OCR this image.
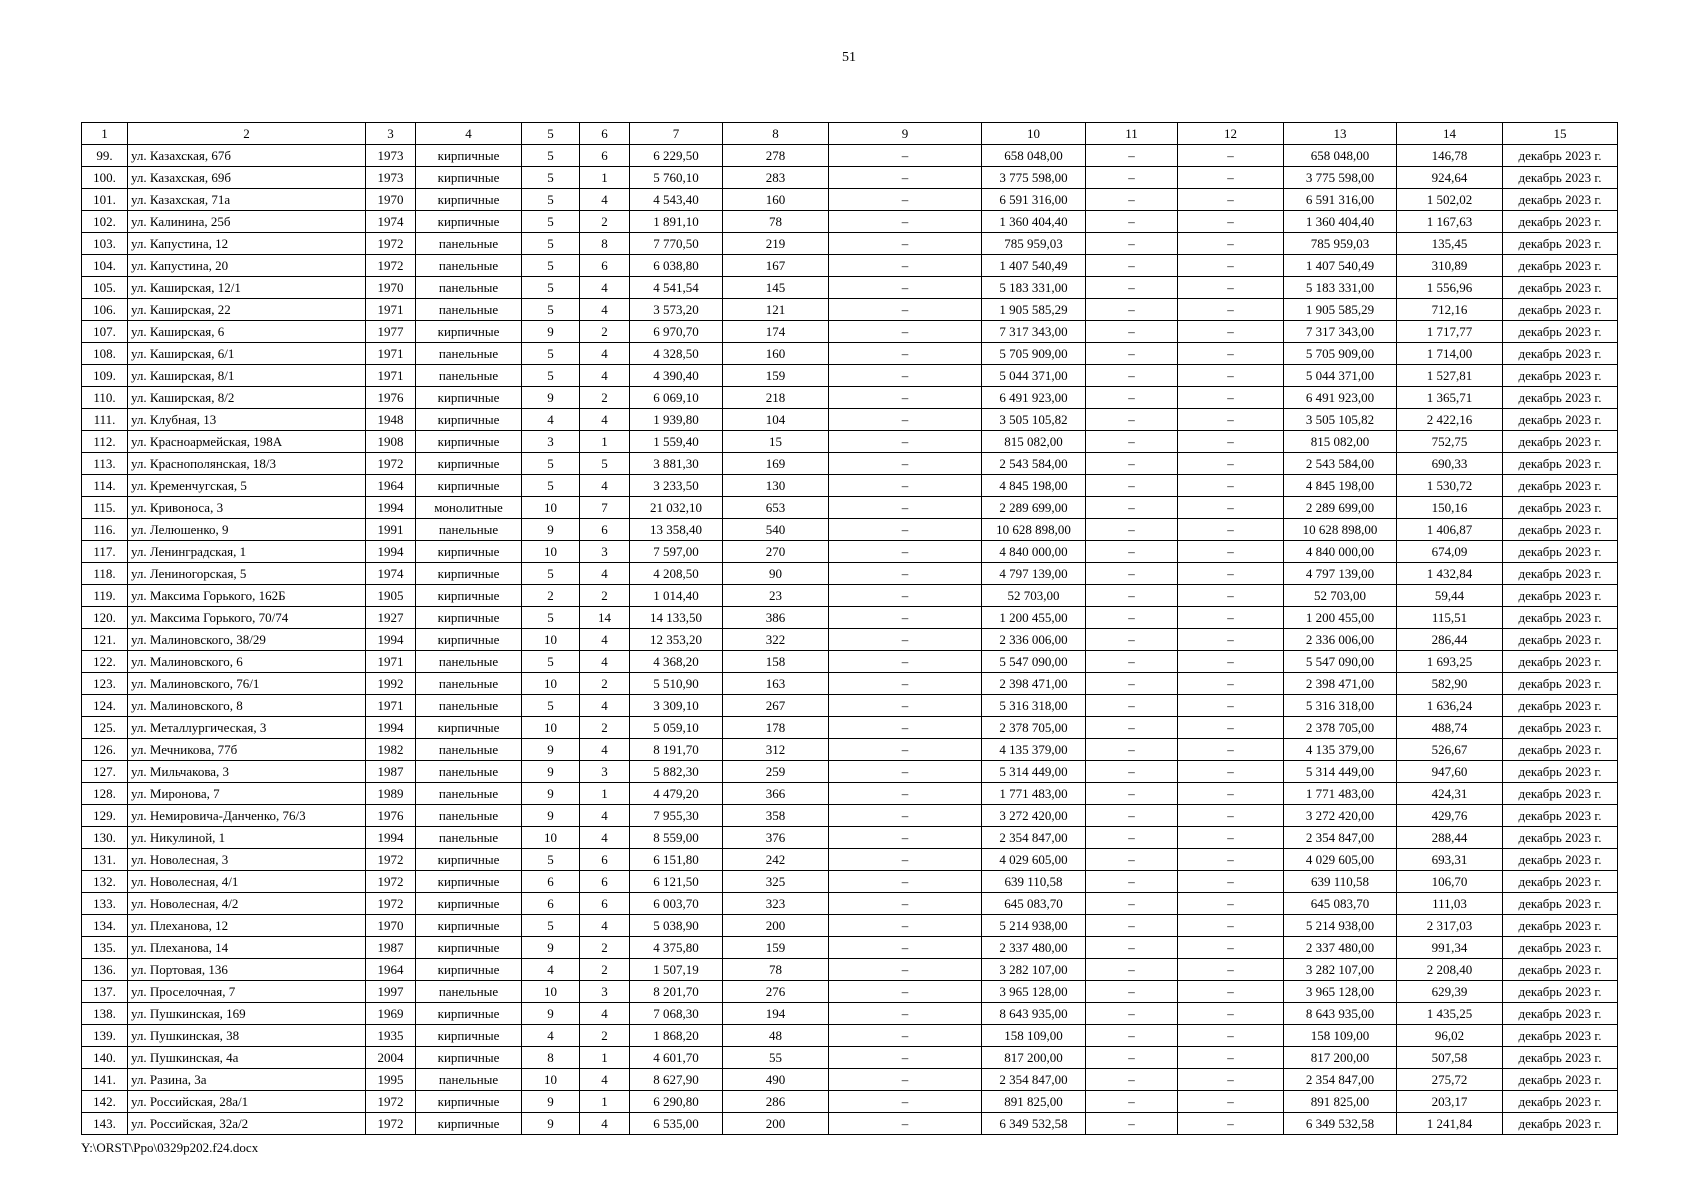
51
1	2	3	4	5	6	7	8	9	10	11	12	13	14	15
99.	ул. Казахская, 67б	1973	кирпичные	5	6	6 229,50	278	–	658 048,00	–	–	658 048,00	146,78	декабрь 2023 г.
100.	ул. Казахская, 69б	1973	кирпичные	5	1	5 760,10	283	–	3 775 598,00	–	–	3 775 598,00	924,64	декабрь 2023 г.
101.	ул. Казахская, 71а	1970	кирпичные	5	4	4 543,40	160	–	6 591 316,00	–	–	6 591 316,00	1 502,02	декабрь 2023 г.
102.	ул. Калинина, 25б	1974	кирпичные	5	2	1 891,10	78	–	1 360 404,40	–	–	1 360 404,40	1 167,63	декабрь 2023 г.
103.	ул. Капустина, 12	1972	панельные	5	8	7 770,50	219	–	785 959,03	–	–	785 959,03	135,45	декабрь 2023 г.
104.	ул. Капустина, 20	1972	панельные	5	6	6 038,80	167	–	1 407 540,49	–	–	1 407 540,49	310,89	декабрь 2023 г.
105.	ул. Каширская, 12/1	1970	панельные	5	4	4 541,54	145	–	5 183 331,00	–	–	5 183 331,00	1 556,96	декабрь 2023 г.
106.	ул. Каширская, 22	1971	панельные	5	4	3 573,20	121	–	1 905 585,29	–	–	1 905 585,29	712,16	декабрь 2023 г.
107.	ул. Каширская, 6	1977	кирпичные	9	2	6 970,70	174	–	7 317 343,00	–	–	7 317 343,00	1 717,77	декабрь 2023 г.
108.	ул. Каширская, 6/1	1971	панельные	5	4	4 328,50	160	–	5 705 909,00	–	–	5 705 909,00	1 714,00	декабрь 2023 г.
109.	ул. Каширская, 8/1	1971	панельные	5	4	4 390,40	159	–	5 044 371,00	–	–	5 044 371,00	1 527,81	декабрь 2023 г.
110.	ул. Каширская, 8/2	1976	кирпичные	9	2	6 069,10	218	–	6 491 923,00	–	–	6 491 923,00	1 365,71	декабрь 2023 г.
111.	ул. Клубная, 13	1948	кирпичные	4	4	1 939,80	104	–	3 505 105,82	–	–	3 505 105,82	2 422,16	декабрь 2023 г.
112.	ул. Красноармейская, 198А	1908	кирпичные	3	1	1 559,40	15	–	815 082,00	–	–	815 082,00	752,75	декабрь 2023 г.
113.	ул. Краснополянская, 18/3	1972	кирпичные	5	5	3 881,30	169	–	2 543 584,00	–	–	2 543 584,00	690,33	декабрь 2023 г.
114.	ул. Кременчугская, 5	1964	кирпичные	5	4	3 233,50	130	–	4 845 198,00	–	–	4 845 198,00	1 530,72	декабрь 2023 г.
115.	ул. Кривоноса, 3	1994	монолитные	10	7	21 032,10	653	–	2 289 699,00	–	–	2 289 699,00	150,16	декабрь 2023 г.
116.	ул. Лелюшенко, 9	1991	панельные	9	6	13 358,40	540	–	10 628 898,00	–	–	10 628 898,00	1 406,87	декабрь 2023 г.
117.	ул. Ленинградская, 1	1994	кирпичные	10	3	7 597,00	270	–	4 840 000,00	–	–	4 840 000,00	674,09	декабрь 2023 г.
118.	ул. Лениногорская, 5	1974	кирпичные	5	4	4 208,50	90	–	4 797 139,00	–	–	4 797 139,00	1 432,84	декабрь 2023 г.
119.	ул. Максима Горького, 162Б	1905	кирпичные	2	2	1 014,40	23	–	52 703,00	–	–	52 703,00	59,44	декабрь 2023 г.
120.	ул. Максима Горького, 70/74	1927	кирпичные	5	14	14 133,50	386	–	1 200 455,00	–	–	1 200 455,00	115,51	декабрь 2023 г.
121.	ул. Малиновского, 38/29	1994	кирпичные	10	4	12 353,20	322	–	2 336 006,00	–	–	2 336 006,00	286,44	декабрь 2023 г.
122.	ул. Малиновского, 6	1971	панельные	5	4	4 368,20	158	–	5 547 090,00	–	–	5 547 090,00	1 693,25	декабрь 2023 г.
123.	ул. Малиновского, 76/1	1992	панельные	10	2	5 510,90	163	–	2 398 471,00	–	–	2 398 471,00	582,90	декабрь 2023 г.
124.	ул. Малиновского, 8	1971	панельные	5	4	3 309,10	267	–	5 316 318,00	–	–	5 316 318,00	1 636,24	декабрь 2023 г.
125.	ул. Металлургическая, 3	1994	кирпичные	10	2	5 059,10	178	–	2 378 705,00	–	–	2 378 705,00	488,74	декабрь 2023 г.
126.	ул. Мечникова, 77б	1982	панельные	9	4	8 191,70	312	–	4 135 379,00	–	–	4 135 379,00	526,67	декабрь 2023 г.
127.	ул. Мильчакова, 3	1987	панельные	9	3	5 882,30	259	–	5 314 449,00	–	–	5 314 449,00	947,60	декабрь 2023 г.
128.	ул. Миронова, 7	1989	панельные	9	1	4 479,20	366	–	1 771 483,00	–	–	1 771 483,00	424,31	декабрь 2023 г.
129.	ул. Немировича-Данченко, 76/3	1976	панельные	9	4	7 955,30	358	–	3 272 420,00	–	–	3 272 420,00	429,76	декабрь 2023 г.
130.	ул. Никулиной, 1	1994	панельные	10	4	8 559,00	376	–	2 354 847,00	–	–	2 354 847,00	288,44	декабрь 2023 г.
131.	ул. Новолесная, 3	1972	кирпичные	5	6	6 151,80	242	–	4 029 605,00	–	–	4 029 605,00	693,31	декабрь 2023 г.
132.	ул. Новолесная, 4/1	1972	кирпичные	6	6	6 121,50	325	–	639 110,58	–	–	639 110,58	106,70	декабрь 2023 г.
133.	ул. Новолесная, 4/2	1972	кирпичные	6	6	6 003,70	323	–	645 083,70	–	–	645 083,70	111,03	декабрь 2023 г.
134.	ул. Плеханова, 12	1970	кирпичные	5	4	5 038,90	200	–	5 214 938,00	–	–	5 214 938,00	2 317,03	декабрь 2023 г.
135.	ул. Плеханова, 14	1987	кирпичные	9	2	4 375,80	159	–	2 337 480,00	–	–	2 337 480,00	991,34	декабрь 2023 г.
136.	ул. Портовая, 136	1964	кирпичные	4	2	1 507,19	78	–	3 282 107,00	–	–	3 282 107,00	2 208,40	декабрь 2023 г.
137.	ул. Проселочная, 7	1997	панельные	10	3	8 201,70	276	–	3 965 128,00	–	–	3 965 128,00	629,39	декабрь 2023 г.
138.	ул. Пушкинская, 169	1969	кирпичные	9	4	7 068,30	194	–	8 643 935,00	–	–	8 643 935,00	1 435,25	декабрь 2023 г.
139.	ул. Пушкинская, 38	1935	кирпичные	4	2	1 868,20	48	–	158 109,00	–	–	158 109,00	96,02	декабрь 2023 г.
140.	ул. Пушкинская, 4а	2004	кирпичные	8	1	4 601,70	55	–	817 200,00	–	–	817 200,00	507,58	декабрь 2023 г.
141.	ул. Разина, 3а	1995	панельные	10	4	8 627,90	490	–	2 354 847,00	–	–	2 354 847,00	275,72	декабрь 2023 г.
142.	ул. Российская, 28а/1	1972	кирпичные	9	1	6 290,80	286	–	891 825,00	–	–	891 825,00	203,17	декабрь 2023 г.
143.	ул. Российская, 32а/2	1972	кирпичные	9	4	6 535,00	200	–	6 349 532,58	–	–	6 349 532,58	1 241,84	декабрь 2023 г.
Y:\ORST\Ppo\0329p202.f24.docx
